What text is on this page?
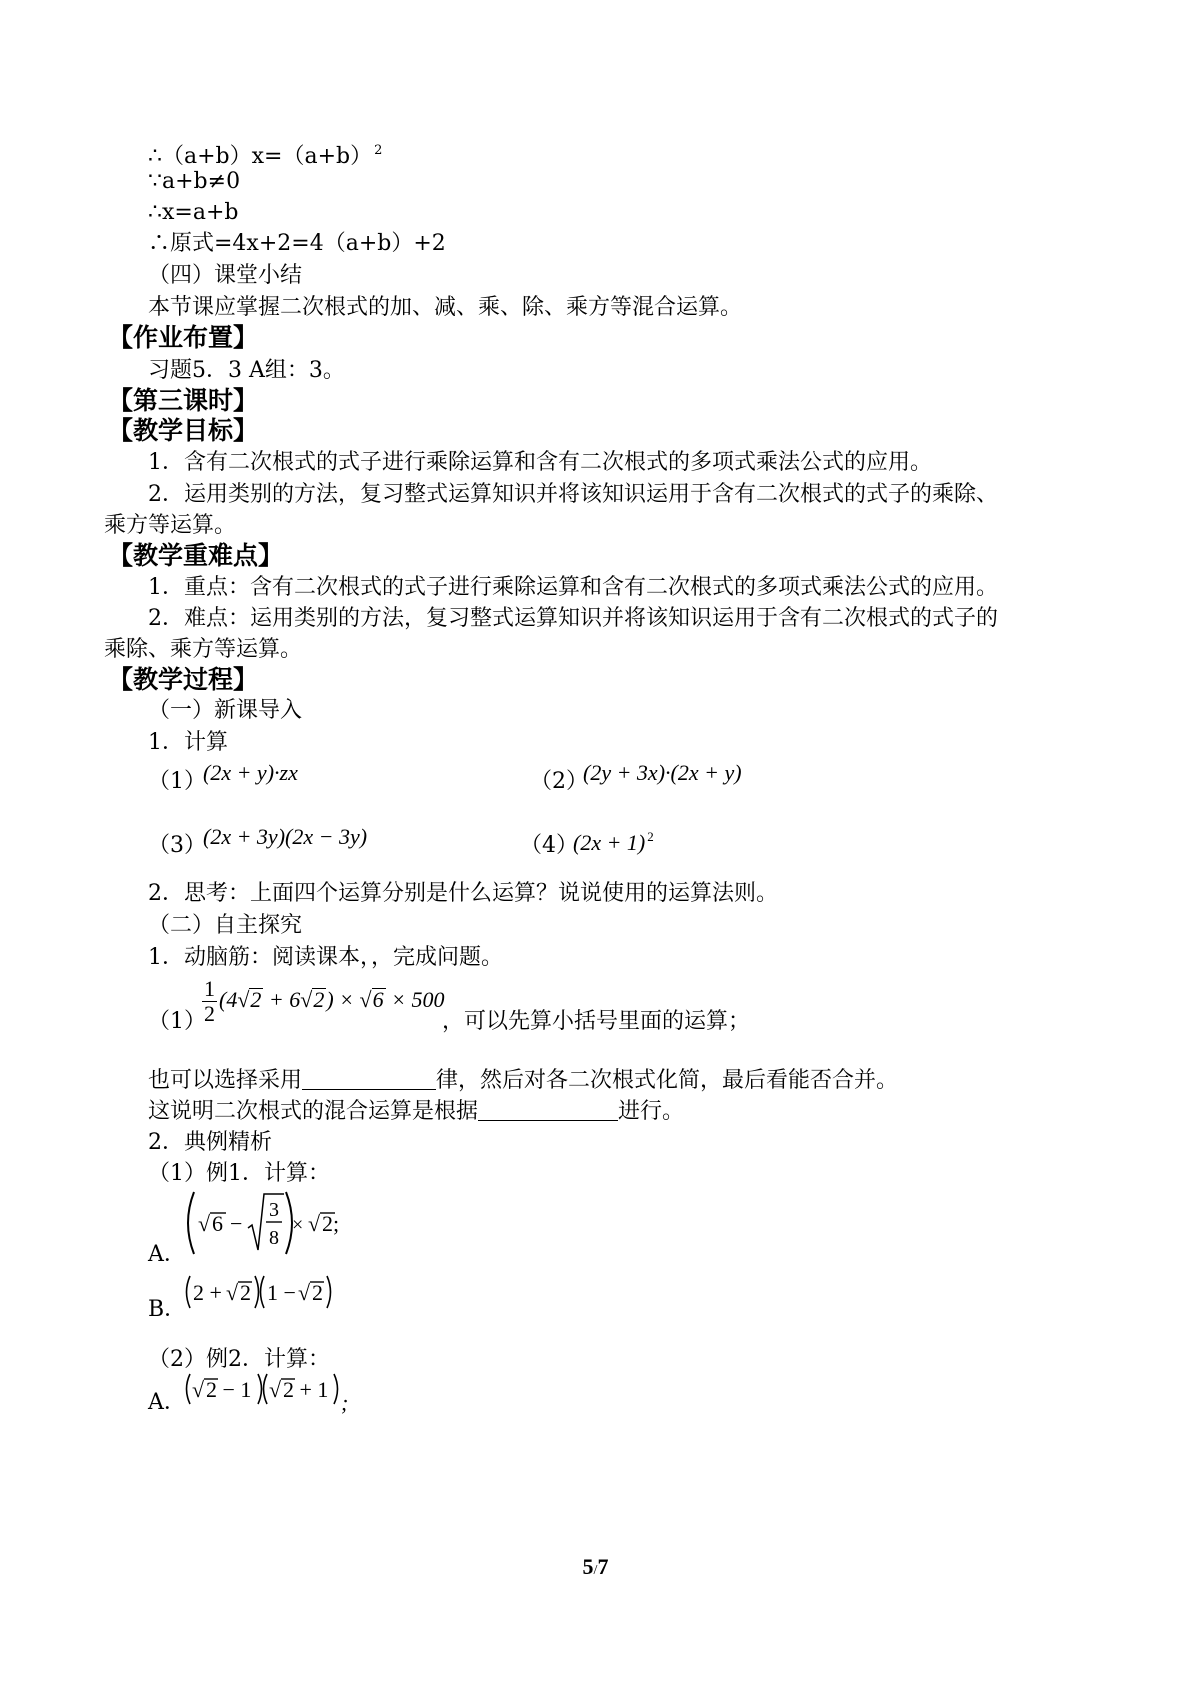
∴（a+b）x=（a+b） $^2$
∵a+b≠0
∴x=a+b
∴原式=4x+2=4（a+b）+2
（四）课堂小结
本节课应掌握二次根式的加、减、乘、除、乘方等混合运算。
【作业布置】
习题5．3 A组：3。
【第三课时】
【教学目标】
1．含有二次根式的式子进行乘除运算和含有二次根式的多项式乘法公式的应用。
2．运用类别的方法，复习整式运算知识并将该知识运用于含有二次根式的式子的乘除、
乘方等运算。
【教学重难点】
1．重点：含有二次根式的式子进行乘除运算和含有二次根式的多项式乘法公式的应用。
2．难点：运用类别的方法，复习整式运算知识并将该知识运用于含有二次根式的式子的
乘除、乘方等运算。
【教学过程】
（一）新课导入
1．计算
（1）
(2x + y)·zx	（2）
(2y + 3x)·(2x + y)
（3）
(2x + 3y)(2x − 3y)	（4）
(2x + 1) $^2$
2．思考：上面四个运算分别是什么运算？说说使用的运算法则。
（二）自主探究
1．动脑筋：阅读课本，，完成问题。
（1）
$\frac{1}{2} (4√2 + 6√2) \times √6 \times 500$
，可以先算小括号里面的运算；
也可以选择采用	律，然后对各二次根式化简，最后看能否合并。
这说明二次根式的混合运算是根据	进行。
2．典例精析
（1）例1．计算：
A．
√ 6 −
3
8
× √ 2;
B．
2 + √ 2 1 − √ 2
（2）例2．计算：
A．
√ 2 − 1 √ 2 + 1
;
5/7
